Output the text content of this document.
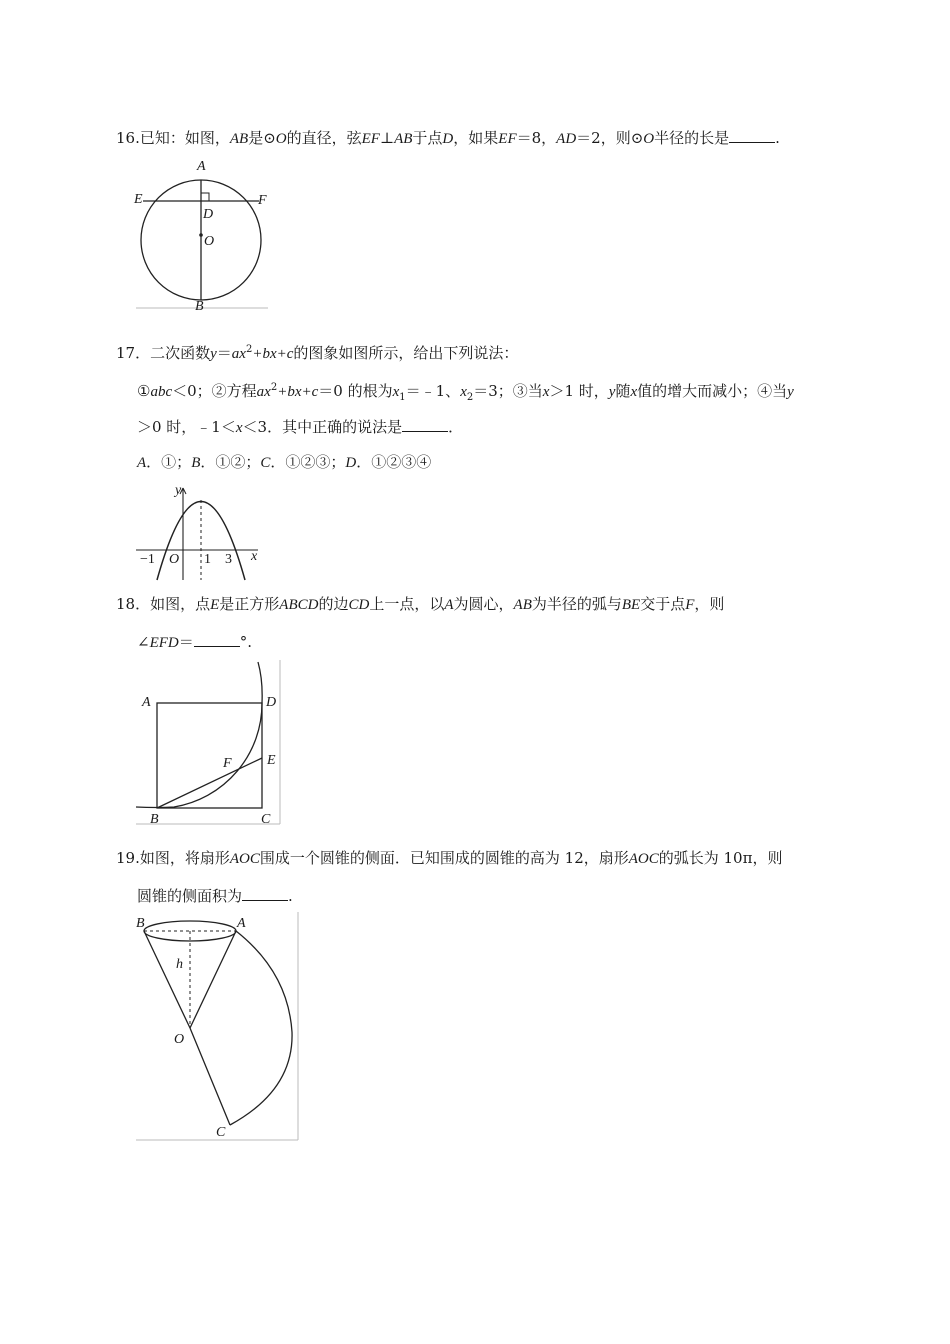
16.已知：如图，AB是⊙O的直径，弦EF⊥AB于点D，如果EF＝8，AD＝2，则⊙O半径的长是	.
A
E	F
D
O
B
17．二次函数$y=ax^2+bx+c$的图象如图所示，给出下列说法：
①abc＜0；②方程$ax^2+bx+c=0$ 的根为$x_1=﹣1$、$x_2=3$；③当x＞1 时，y随x值的增大而减小；④当y
＞0 时，﹣1＜x＜3．其中正确的说法是	．
A．①；B．①②；C．①②③；D．①②③④
y
x
O
−1	1 3
18．如图，点E是正方形ABCD的边CD上一点，以A为圆心，AB为半径的弧与BE交于点F，则
∠EFD＝	°.
A	D
E
F
B	C
19.如图，将扇形AOC围成一个圆锥的侧面．已知围成的圆锥的高为 12，扇形AOC的弧长为 10π，则
圆锥的侧面积为	.
B	A
h
O
C
